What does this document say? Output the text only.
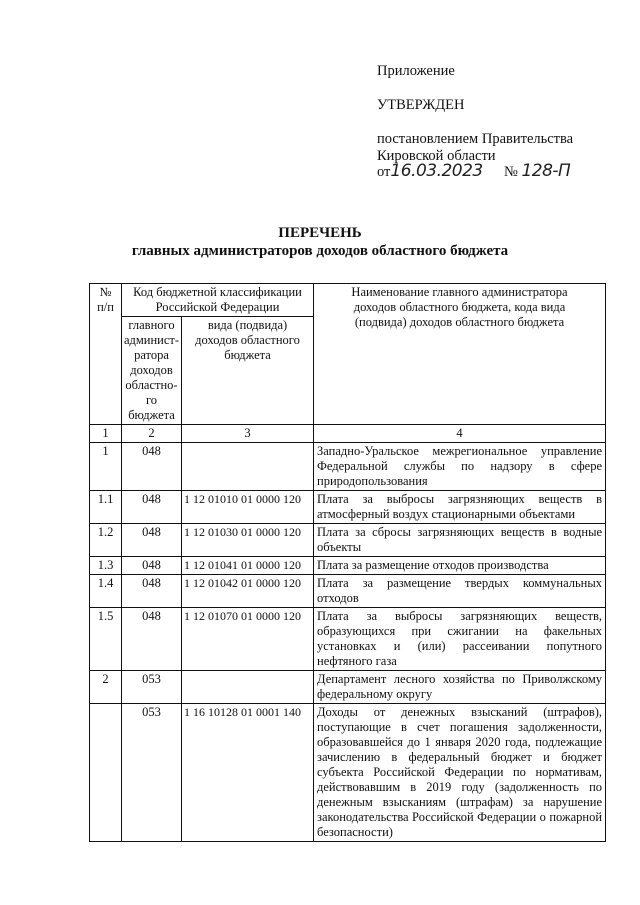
Приложение
УТВЕРЖДЕН
постановлением Правительства
Кировской области
от16.03.2023 № 128-П
ПЕРЕЧЕНЬ
главных администраторов доходов областного бюджета
№ п/п	Код бюджетной классификации Российской Федерации		Наименование главного администратора доходов областного бюджета, кода вида (подвида) доходов областного бюджета
	главного админист-ратора доходов областно-го бюджета	вида (подвида) доходов областного бюджета	
1	2	3	4
1	048		Западно-Уральское межрегиональное управление Федеральной службы по надзору в сфере природопользования
1.1	048	1 12 01010 01 0000 120	Плата за выбросы загрязняющих веществ в атмосферный воздух стационарными объектами
1.2	048	1 12 01030 01 0000 120	Плата за сбросы загрязняющих веществ в водные объекты
1.3	048	1 12 01041 01 0000 120	Плата за размещение отходов производства
1.4	048	1 12 01042 01 0000 120	Плата за размещение твердых коммунальных отходов
1.5	048	1 12 01070 01 0000 120	Плата за выбросы загрязняющих веществ, образующихся при сжигании на факельных установках и (или) рассеивании попутного нефтяного газа
2	053		Департамент лесного хозяйства по Приволжскому федеральному округу
	053	1 16 10128 01 0001 140	Доходы от денежных взысканий (штрафов), поступающие в счет погашения задолженности, образовавшейся до 1 января 2020 года, подлежащие зачислению в федеральный бюджет и бюджет субъекта Российской Федерации по нормативам, действовавшим в 2019 году (задолженность по денежным взысканиям (штрафам) за нарушение законодательства Российской Федерации о пожарной безопасности)
